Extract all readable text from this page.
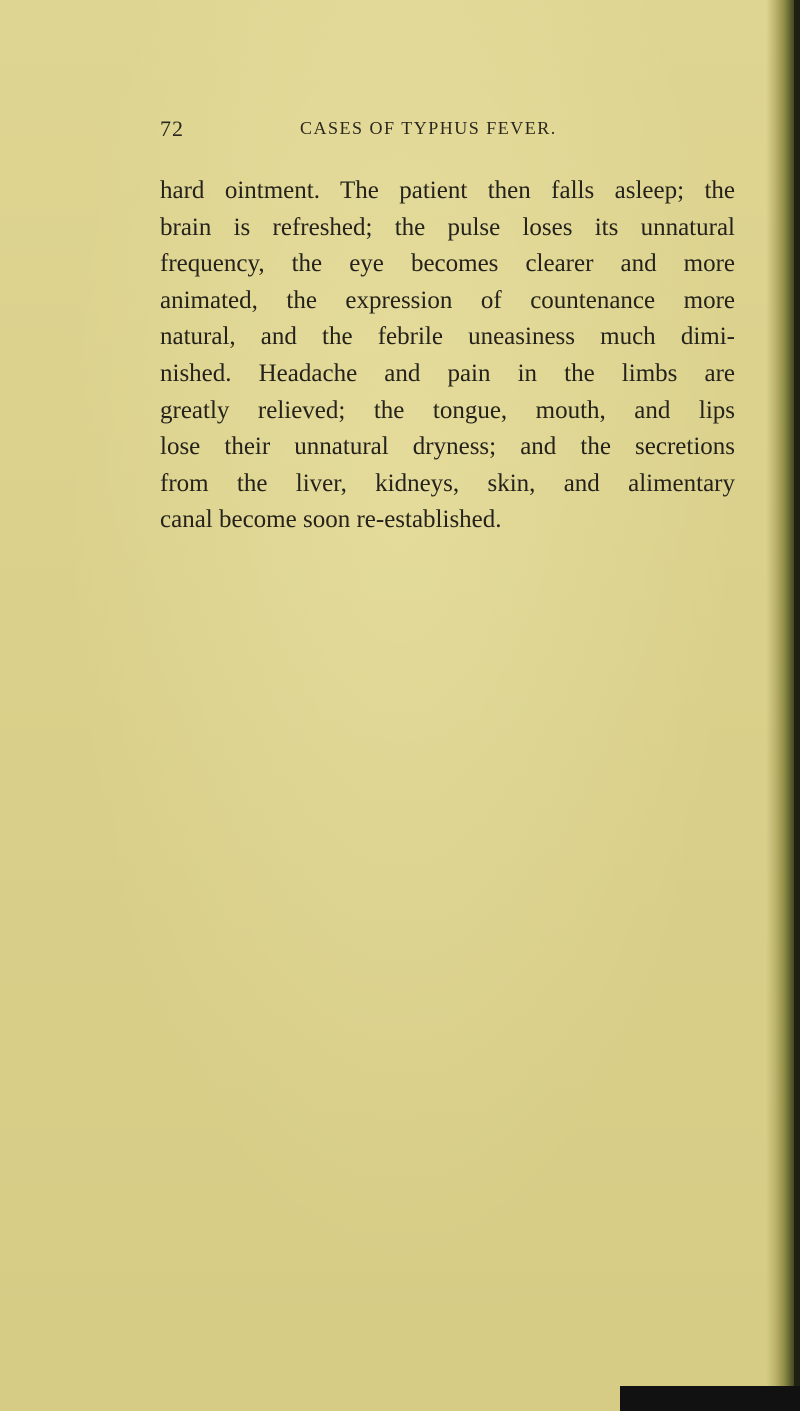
72	CASES OF TYPHUS FEVER.
hard ointment. The patient then falls asleep; the
brain is refreshed; the pulse loses its unnatural
frequency, the eye becomes clearer and more
animated, the expression of countenance more
natural, and the febrile uneasiness much dimi-
nished. Headache and pain in the limbs are
greatly relieved; the tongue, mouth, and lips
lose their unnatural dryness; and the secretions
from the liver, kidneys, skin, and alimentary
canal become soon re-established.
